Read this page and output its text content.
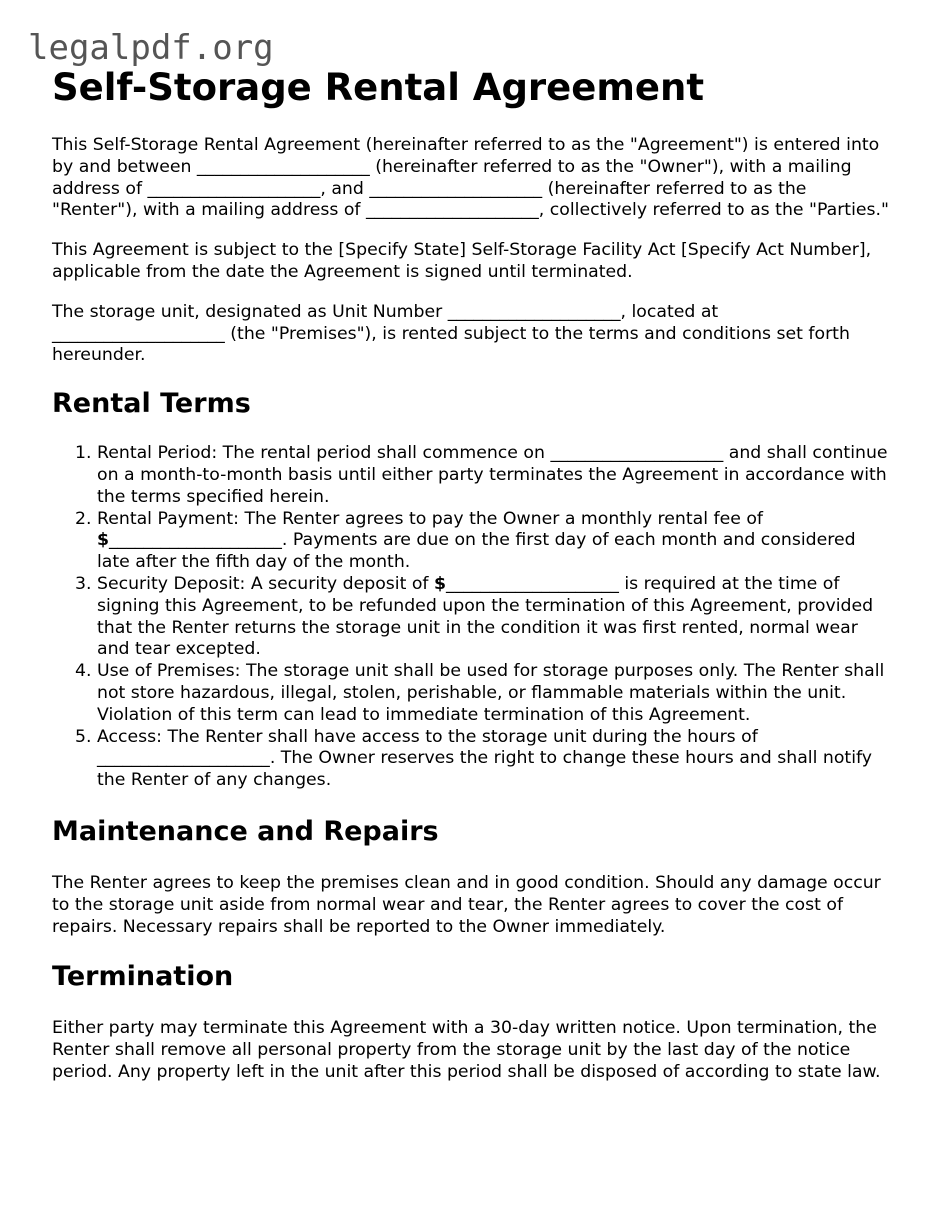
legalpdf.org
Self-Storage Rental Agreement

This Self-Storage Rental Agreement (hereinafter referred to as the "Agreement") is entered into by and between ____________________ (hereinafter referred to as the "Owner"), with a mailing address of ____________________, and ____________________ (hereinafter referred to as the "Renter"), with a mailing address of ____________________, collectively referred to as the "Parties."

This Agreement is subject to the [Specify State] Self-Storage Facility Act [Specify Act Number], applicable from the date the Agreement is signed until terminated.

The storage unit, designated as Unit Number ____________________, located at ____________________ (the "Premises"), is rented subject to the terms and conditions set forth hereunder.

Rental Terms
1. Rental Period: The rental period shall commence on ____________________ and shall continue on a month-to-month basis until either party terminates the Agreement in accordance with the terms specified herein.
2. Rental Payment: The Renter agrees to pay the Owner a monthly rental fee of $____________________. Payments are due on the first day of each month and considered late after the fifth day of the month.
3. Security Deposit: A security deposit of $____________________ is required at the time of signing this Agreement, to be refunded upon the termination of this Agreement, provided that the Renter returns the storage unit in the condition it was first rented, normal wear and tear excepted.
4. Use of Premises: The storage unit shall be used for storage purposes only. The Renter shall not store hazardous, illegal, stolen, perishable, or flammable materials within the unit. Violation of this term can lead to immediate termination of this Agreement.
5. Access: The Renter shall have access to the storage unit during the hours of ____________________. The Owner reserves the right to change these hours and shall notify the Renter of any changes.
Maintenance and Repairs

The Renter agrees to keep the premises clean and in good condition. Should any damage occur to the storage unit aside from normal wear and tear, the Renter agrees to cover the cost of repairs. Necessary repairs shall be reported to the Owner immediately.

Termination

Either party may terminate this Agreement with a 30-day written notice. Upon termination, the Renter shall remove all personal property from the storage unit by the last day of the notice period. Any property left in the unit after this period shall be disposed of according to state law.
